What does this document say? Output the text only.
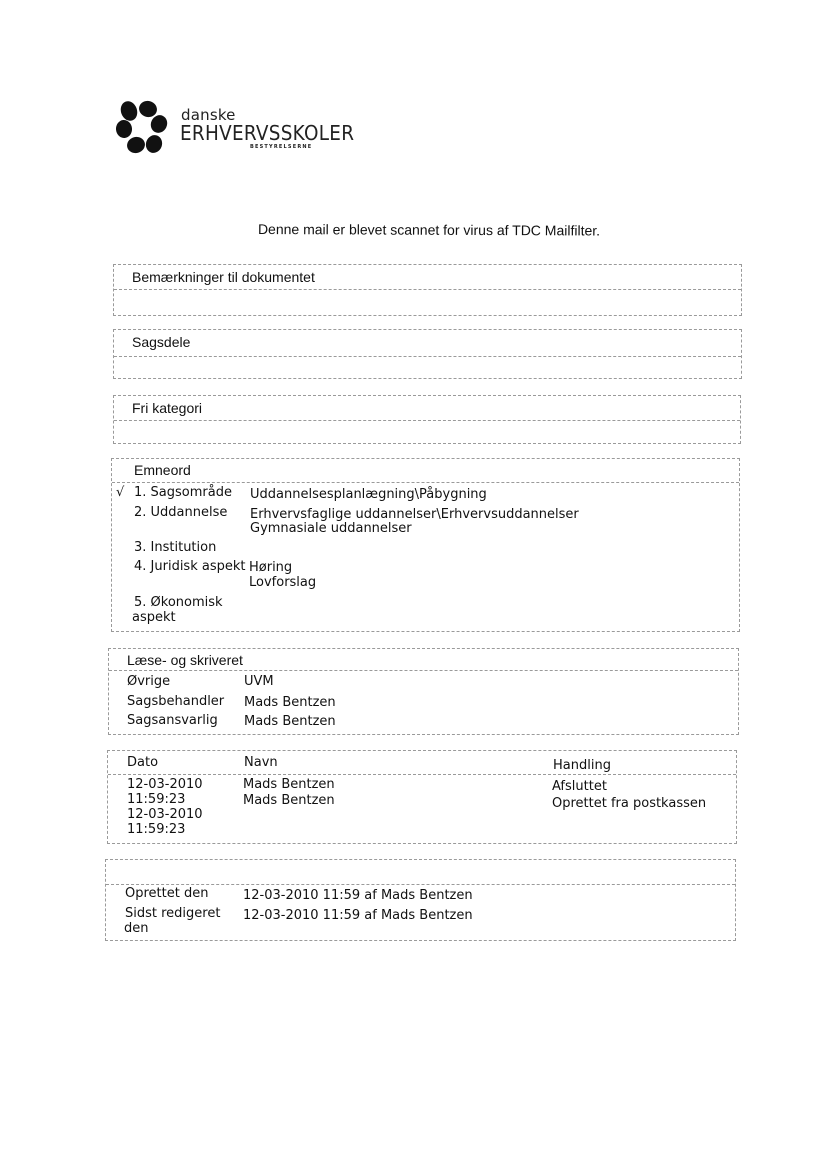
danske
ERHVERVSSKOLER
BESTYRELSERNE
Denne mail er blevet scannet for virus af TDC Mailfilter.
Bemærkninger til dokumentet
Sagsdele
Fri kategori
Emneord
√ 1. Sagsområde Uddannelsesplanlægning\Påbygning
2. Uddannelse Erhvervsfaglige uddannelser\Erhvervsuddannelser
Gymnasiale uddannelser
3. Institution
4. Juridisk aspekt Høring
Lovforslag
5. Økonomisk
aspekt
Læse- og skriveret
Øvrige	UVM
Sagsbehandler Mads Bentzen
Sagsansvarlig Mads Bentzen
Dato	Navn	Handling
12-03-2010
11:59:23
Mads Bentzen	Afsluttet
12-03-2010
11:59:23
Mads Bentzen	Oprettet fra postkassen
Oprettet den	12-03-2010 11:59 af Mads Bentzen
Sidst redigeret
den
12-03-2010 11:59 af Mads Bentzen
